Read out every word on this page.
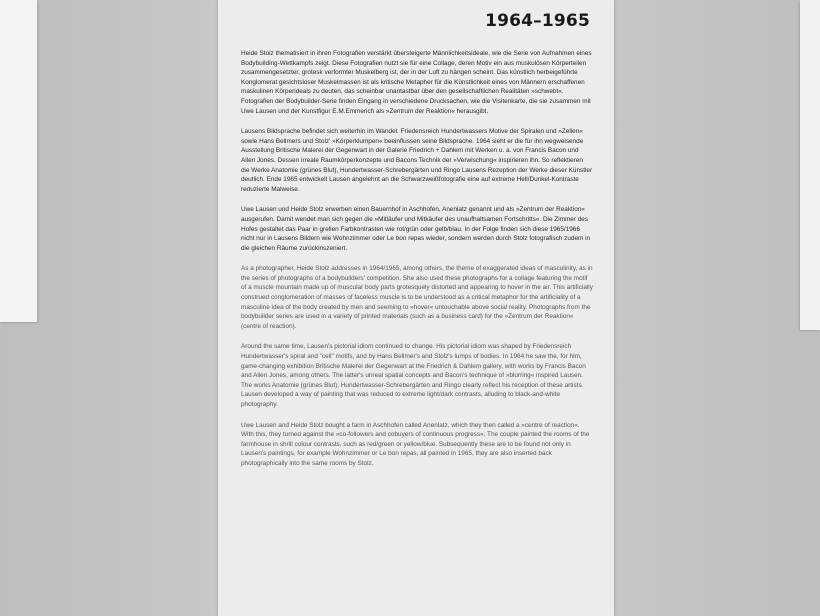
1964–1965

Heide Stolz thematisiert in ihren Fotografien verstärkt übersteigerte Männlichkeitsideale, wie die Serie von Aufnahmen eines Bodybuilding-Wettkampfs zeigt. Diese Fotografien nutzt sie für eine Collage, deren Motiv ein aus muskulösen Körperteilen zusammengesetzter, grotesk verformter Muskelberg ist, der in der Luft zu hängen scheint. Das künstlich herbeigeführte Konglomerat gesichtsloser Muskelmassen ist als kritische Metapher für die Künstlichkeit eines von Männern erschaffenen maskulinen Körperideals zu deuten, das scheinbar unantastbar über den gesellschaftlichen Realitäten »schwebt«. Fotografien der Bodybuilder-Serie finden Eingang in verschiedene Drucksachen, wie die Visitenkarte, die sie zusammen mit Uwe Lausen und der Kunstfigur E.M.Emmerich als »Zentrum der Reaktion« herausgibt.

Lausens Bildsprache befindet sich weiterhin im Wandel. Friedensreich Hundertwassers Motive der Spiralen und »Zellen« sowie Hans Bellmers und Stolz' »Körperklumpen« beeinflussen seine Bildsprache. 1964 sieht er die für ihn wegweisende Ausstellung Britische Malerei der Gegenwart in der Galerie Friedrich + Dahlem mit Werken u. a. von Francis Bacon und Allen Jones. Dessen irreale Raumkörperkonzepte und Bacons Technik der »Verwischung« inspirieren ihn. So reflektieren die Werke Anatomie (grünes Blut), Hundertwasser-Schrebergärten und Ringo Lausens Rezeption der Werke dieser Künstler deutlich. Ende 1965 entwickelt Lausen angelehnt an die Schwarzweißfotografie eine auf extreme Hell/Dunkel-Kontraste reduzierte Malweise.

Uwe Lausen und Heide Stolz erwerben einen Bauernhof in Aschhofen, Anenlatz genannt und als »Zentrum der Reaktion« ausgerufen. Damit wendet man sich gegen die »Mitläufer und Mitkäufer des unaufhaltsamen Fortschritts«. Die Zimmer des Hofes gestaltet das Paar in grellen Farbkontrasten wie rot/grün oder gelb/blau. In der Folge finden sich diese 1965/1966 nicht nur in Lausens Bildern wie Wohnzimmer oder Le bon repas wieder, sondern werden durch Stolz fotografisch zudem in die gleichen Räume zurückinszeniert.

As a photographer, Heide Stolz addresses in 1964/1965, among others, the theme of exaggerated ideas of masculinity, as in the series of photographs of a bodybuilders' competition. She also used these photographs for a collage featuring the motif of a muscle mountain made up of muscular body parts grotesquely distorted and appearing to hover in the air. This artificially construed conglomeration of masses of faceless muscle is to be understood as a critical metaphor for the artificiality of a masculine idea of the body created by men and seeming to »hover« untouchable above social reality. Photographs from the bodybuilder series are used in a variety of printed materials (such as a business card) for the »Zentrum der Reaktion« (centre of reaction).

Around the same time, Lausen's pictorial idiom continued to change. His pictorial idiom was shaped by Friedensreich Hundertwasser's spiral and "cell" motifs, and by Hans Bellmer's and Stolz's lumps of bodies. In 1964 he saw the, for him, game-changing exhibition Britische Malerei der Gegenwart at the Friedrich & Dahlem gallery, with works by Francis Bacon and Allen Jones, among others. The latter's unreal spatial concepts and Bacon's technique of »blurring« inspired Lausen. The works Anatomie (grünes Blut), Hundertwasser-Schrebergärten and Ringo clearly reflect his reception of these artists. Lausen developed a way of painting that was reduced to extreme light/dark contrasts, alluding to black-and-white photography.

Uwe Lausen and Heide Stolz bought a farm in Aschhofen called Anenlatz, which they then called a »centre of reaction«. With this, they turned against the »co-followers and cobuyers of continuous progress«. The couple painted the rooms of the farmhouse in shrill colour contrasts, such as red/green or yellow/blue. Subsequently these are to be found not only in Lausen's paintings, for example Wohnzimmer or Le bon repas, all painted in 1965, they are also inserted back photographically into the same rooms by Stolz.
